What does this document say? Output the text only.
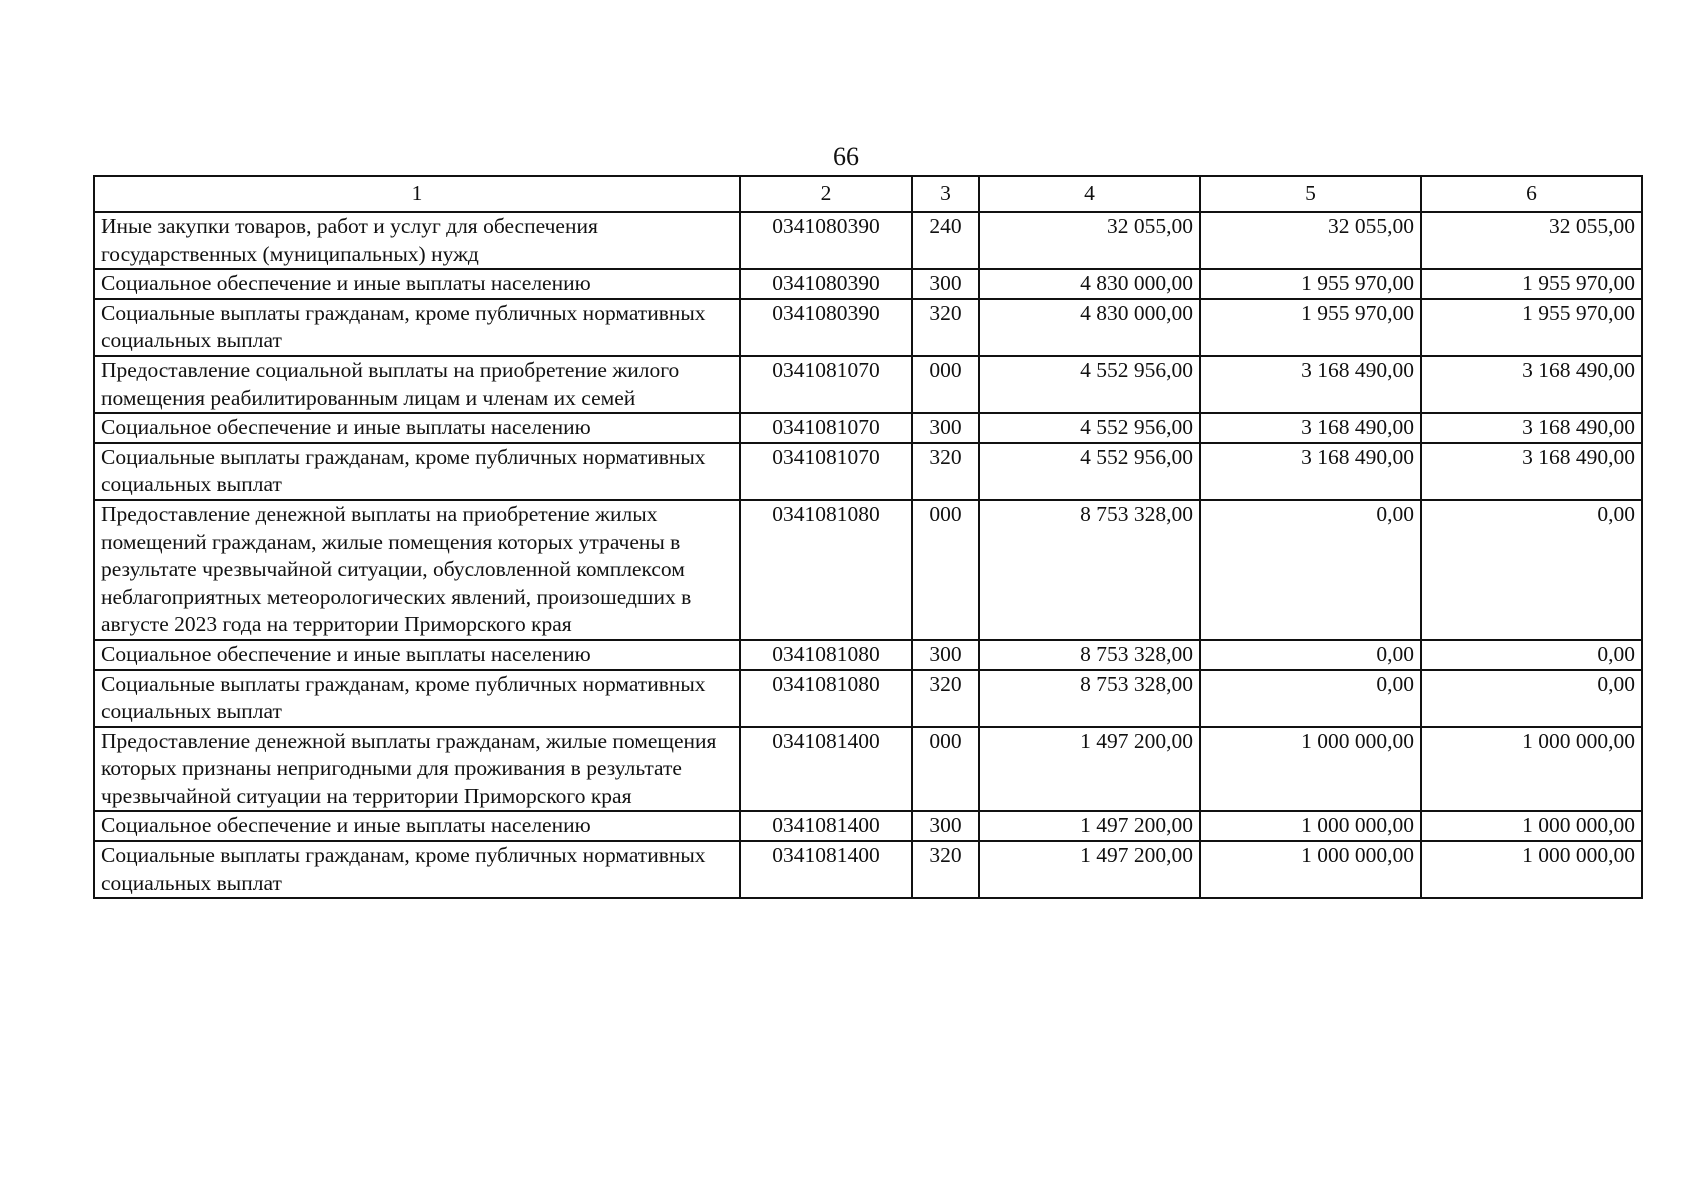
66
1	2	3	4	5	6
Иные закупки товаров, работ и услуг для обеспечения государственных (муниципальных) нужд	0341080390	240	32 055,00	32 055,00	32 055,00
Социальное обеспечение и иные выплаты населению	0341080390	300	4 830 000,00	1 955 970,00	1 955 970,00
Социальные выплаты гражданам, кроме публичных нормативных социальных выплат	0341080390	320	4 830 000,00	1 955 970,00	1 955 970,00
Предоставление социальной выплаты на приобретение жилого помещения реабилитированным лицам и членам их семей	0341081070	000	4 552 956,00	3 168 490,00	3 168 490,00
Социальное обеспечение и иные выплаты населению	0341081070	300	4 552 956,00	3 168 490,00	3 168 490,00
Социальные выплаты гражданам, кроме публичных нормативных социальных выплат	0341081070	320	4 552 956,00	3 168 490,00	3 168 490,00
Предоставление денежной выплаты на приобретение жилых помещений гражданам, жилые помещения которых утрачены в результате чрезвычайной ситуации, обусловленной комплексом неблагоприятных метеорологических явлений, произошедших в августе 2023 года на территории Приморского края	0341081080	000	8 753 328,00	0,00	0,00
Социальное обеспечение и иные выплаты населению	0341081080	300	8 753 328,00	0,00	0,00
Социальные выплаты гражданам, кроме публичных нормативных социальных выплат	0341081080	320	8 753 328,00	0,00	0,00
Предоставление денежной выплаты гражданам, жилые помещения которых признаны непригодными для проживания в результате чрезвычайной ситуации на территории Приморского края	0341081400	000	1 497 200,00	1 000 000,00	1 000 000,00
Социальное обеспечение и иные выплаты населению	0341081400	300	1 497 200,00	1 000 000,00	1 000 000,00
Социальные выплаты гражданам, кроме публичных нормативных социальных выплат	0341081400	320	1 497 200,00	1 000 000,00	1 000 000,00
